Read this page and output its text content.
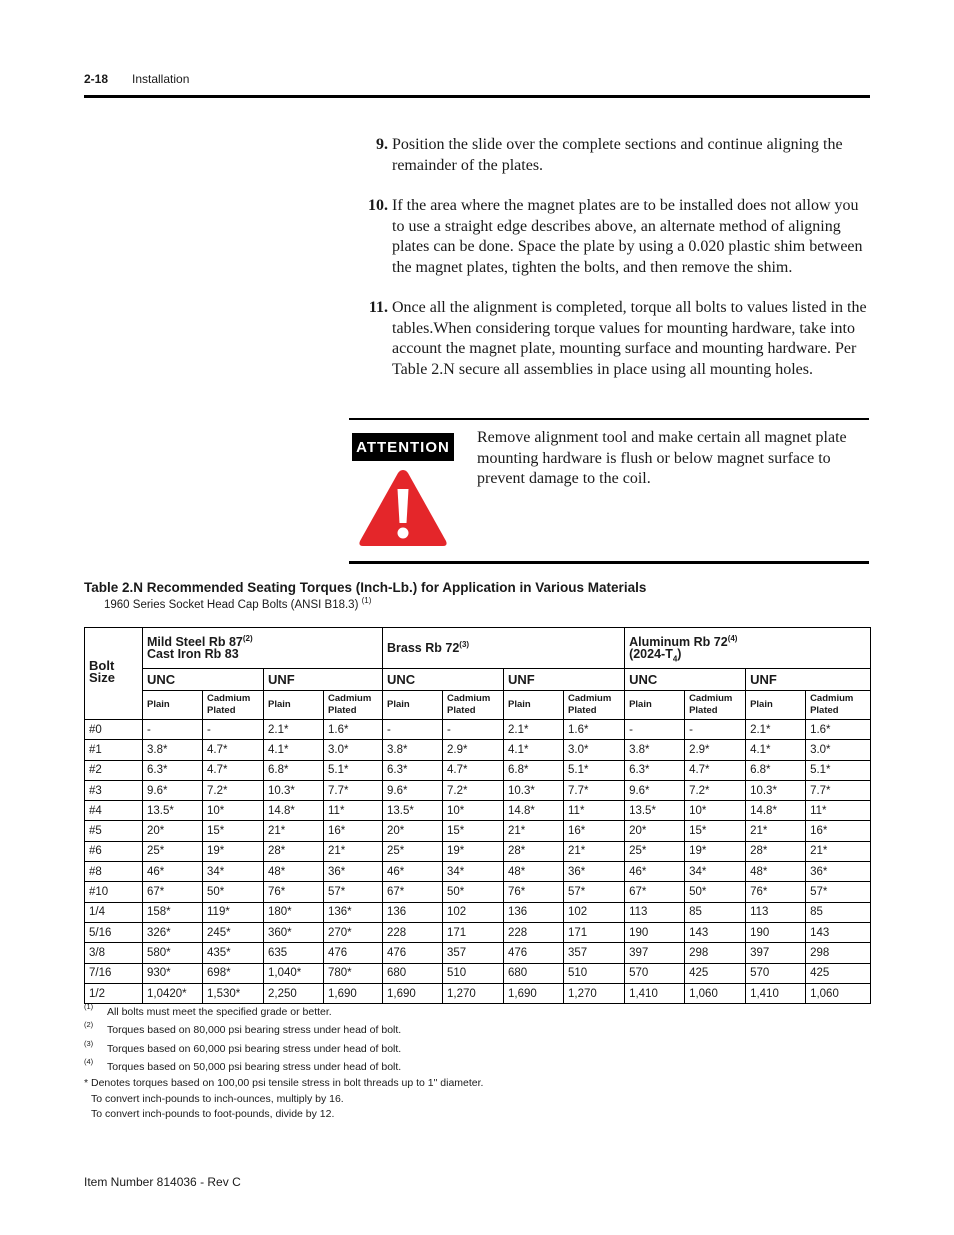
2-18 Installation
9. Position the slide over the complete sections and continue aligning the remainder of the plates.
10. If the area where the magnet plates are to be installed does not allow you to use a straight edge describes above, an alternate method of aligning plates can be done. Space the plate by using a 0.020 plastic shim between the magnet plates, tighten the bolts, and then remove the shim.
11. Once all the alignment is completed, torque all bolts to values listed in the tables.When considering torque values for mounting hardware, take into account the magnet plate, mounting surface and mounting hardware. Per Table 2.N secure all assemblies in place using all mounting holes.
ATTENTION
Remove alignment tool and make certain all magnet plate mounting hardware is flush or below magnet surface to prevent damage to the coil.
Table 2.N Recommended Seating Torques (Inch-Lb.) for Application in Various Materials
1960 Series Socket Head Cap Bolts (ANSI B18.3) $^{(1)}$
Bolt
Size	Mild Steel Rb 87$^{(2)}$
Cast Iron Rb 83				Brass Rb 72$^{(3)}$				Aluminum Rb 72$^{(4)}$
$(2024-T_4)$			
	UNC		UNF		UNC		UNF		UNC		UNF	
	Plain	Cadmium Plated	Plain	Cadmium Plated	Plain	Cadmium Plated	Plain	Cadmium Plated	Plain	Cadmium Plated	Plain	Cadmium Plated
#0	-	-	2.1*	1.6*	-	-	2.1*	1.6*	-	-	2.1*	1.6*
#1	3.8*	4.7*	4.1*	3.0*	3.8*	2.9*	4.1*	3.0*	3.8*	2.9*	4.1*	3.0*
#2	6.3*	4.7*	6.8*	5.1*	6.3*	4.7*	6.8*	5.1*	6.3*	4.7*	6.8*	5.1*
#3	9.6*	7.2*	10.3*	7.7*	9.6*	7.2*	10.3*	7.7*	9.6*	7.2*	10.3*	7.7*
#4	13.5*	10*	14.8*	11*	13.5*	10*	14.8*	11*	13.5*	10*	14.8*	11*
#5	20*	15*	21*	16*	20*	15*	21*	16*	20*	15*	21*	16*
#6	25*	19*	28*	21*	25*	19*	28*	21*	25*	19*	28*	21*
#8	46*	34*	48*	36*	46*	34*	48*	36*	46*	34*	48*	36*
#10	67*	50*	76*	57*	67*	50*	76*	57*	67*	50*	76*	57*
1/4	158*	119*	180*	136*	136	102	136	102	113	85	113	85
5/16	326*	245*	360*	270*	228	171	228	171	190	143	190	143
3/8	580*	435*	635	476	476	357	476	357	397	298	397	298
7/16	930*	698*	1,040*	780*	680	510	680	510	570	425	570	425
1/2	1,0420*	1,530*	2,250	1,690	1,690	1,270	1,690	1,270	1,410	1,060	1,410	1,060
(1) All bolts must meet the specified grade or better.
(2) Torques based on 80,000 psi bearing stress under head of bolt.
(3) Torques based on 60,000 psi bearing stress under head of bolt.
(4) Torques based on 50,000 psi bearing stress under head of bolt.
* Denotes torques based on 100,00 psi tensile stress in bolt threads up to 1" diameter.
To convert inch-pounds to inch-ounces, multiply by 16.
To convert inch-pounds to foot-pounds, divide by 12.
Item Number 814036 - Rev C
